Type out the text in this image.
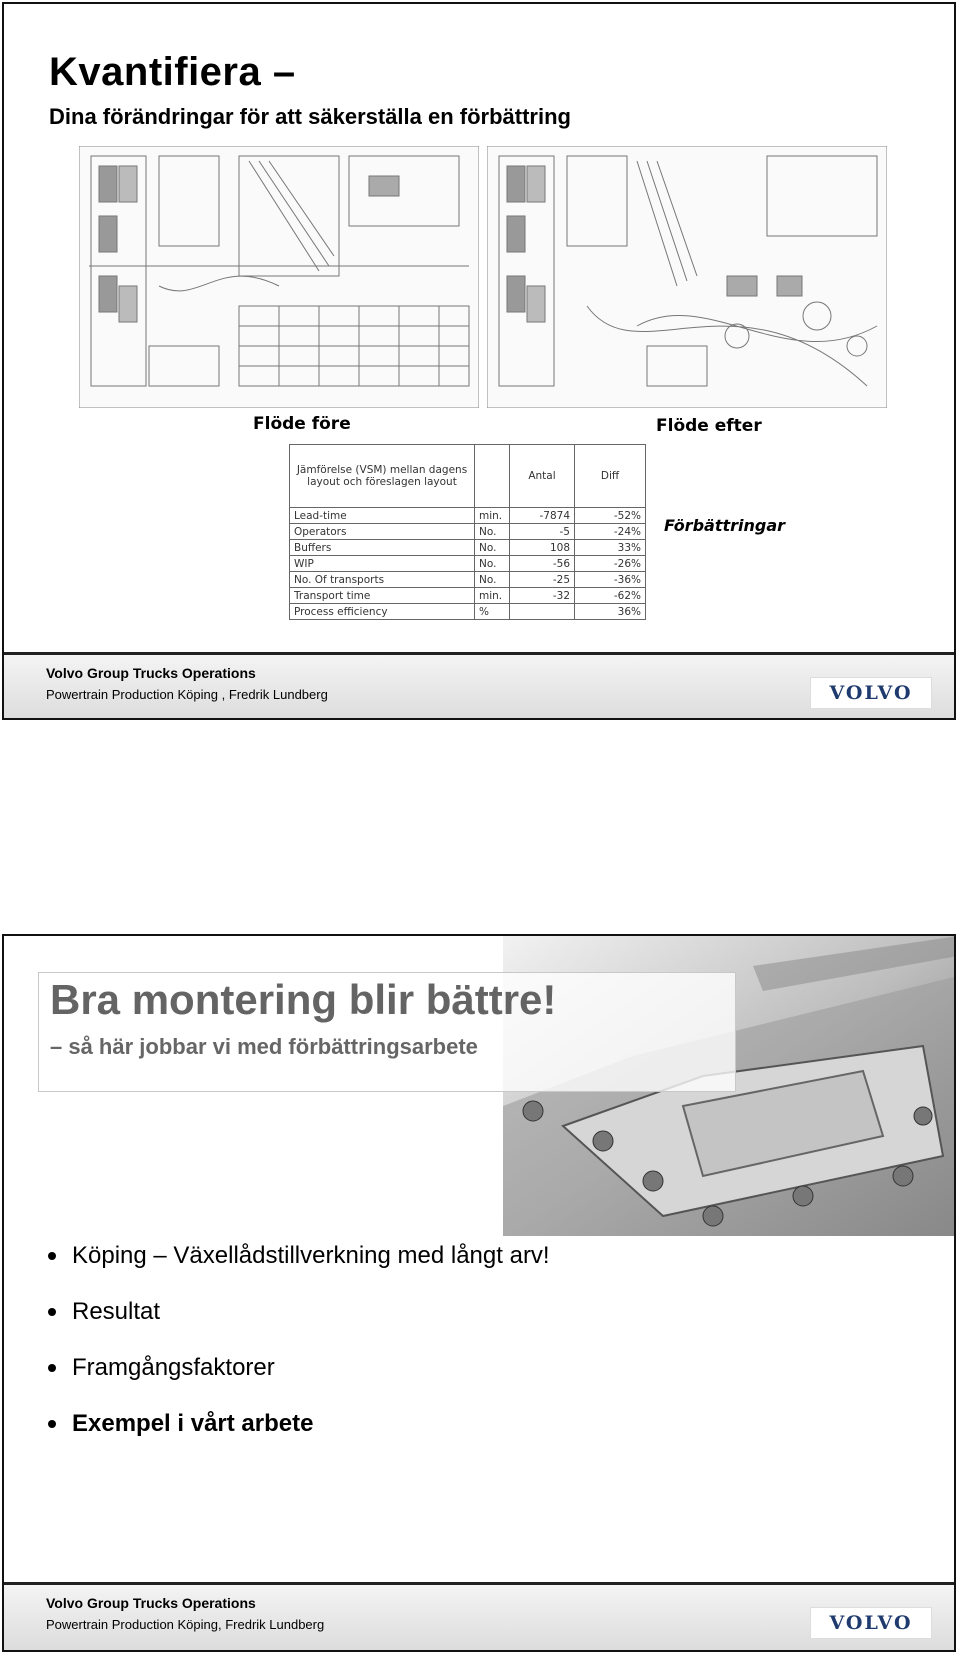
Kvantifiera –
Dina förändringar för att säkerställa en förbättring
Flöde före	Flöde efter
Förbättringar
Jämförelse (VSM) mellan dagens layout och föreslagen layout		Antal	Diff
Lead-time	min.	-7874	-52%
Operators	No.	-5	-24%
Buffers	No.	108	33%
WIP	No.	-56	-26%
No. Of transports	No.	-25	-36%
Transport time	min.	-32	-62%
Process efficiency	%		36%
Volvo Group Trucks Operations
Powertrain Production Köping , Fredrik Lundberg	VOLVO
Bra montering blir bättre!
– så här jobbar vi med förbättringsarbete
Köping – Växellådstillverkning med långt arv!
Resultat
Framgångsfaktorer
Exempel i vårt arbete
Volvo Group Trucks Operations
Powertrain Production Köping, Fredrik Lundberg	VOLVO
